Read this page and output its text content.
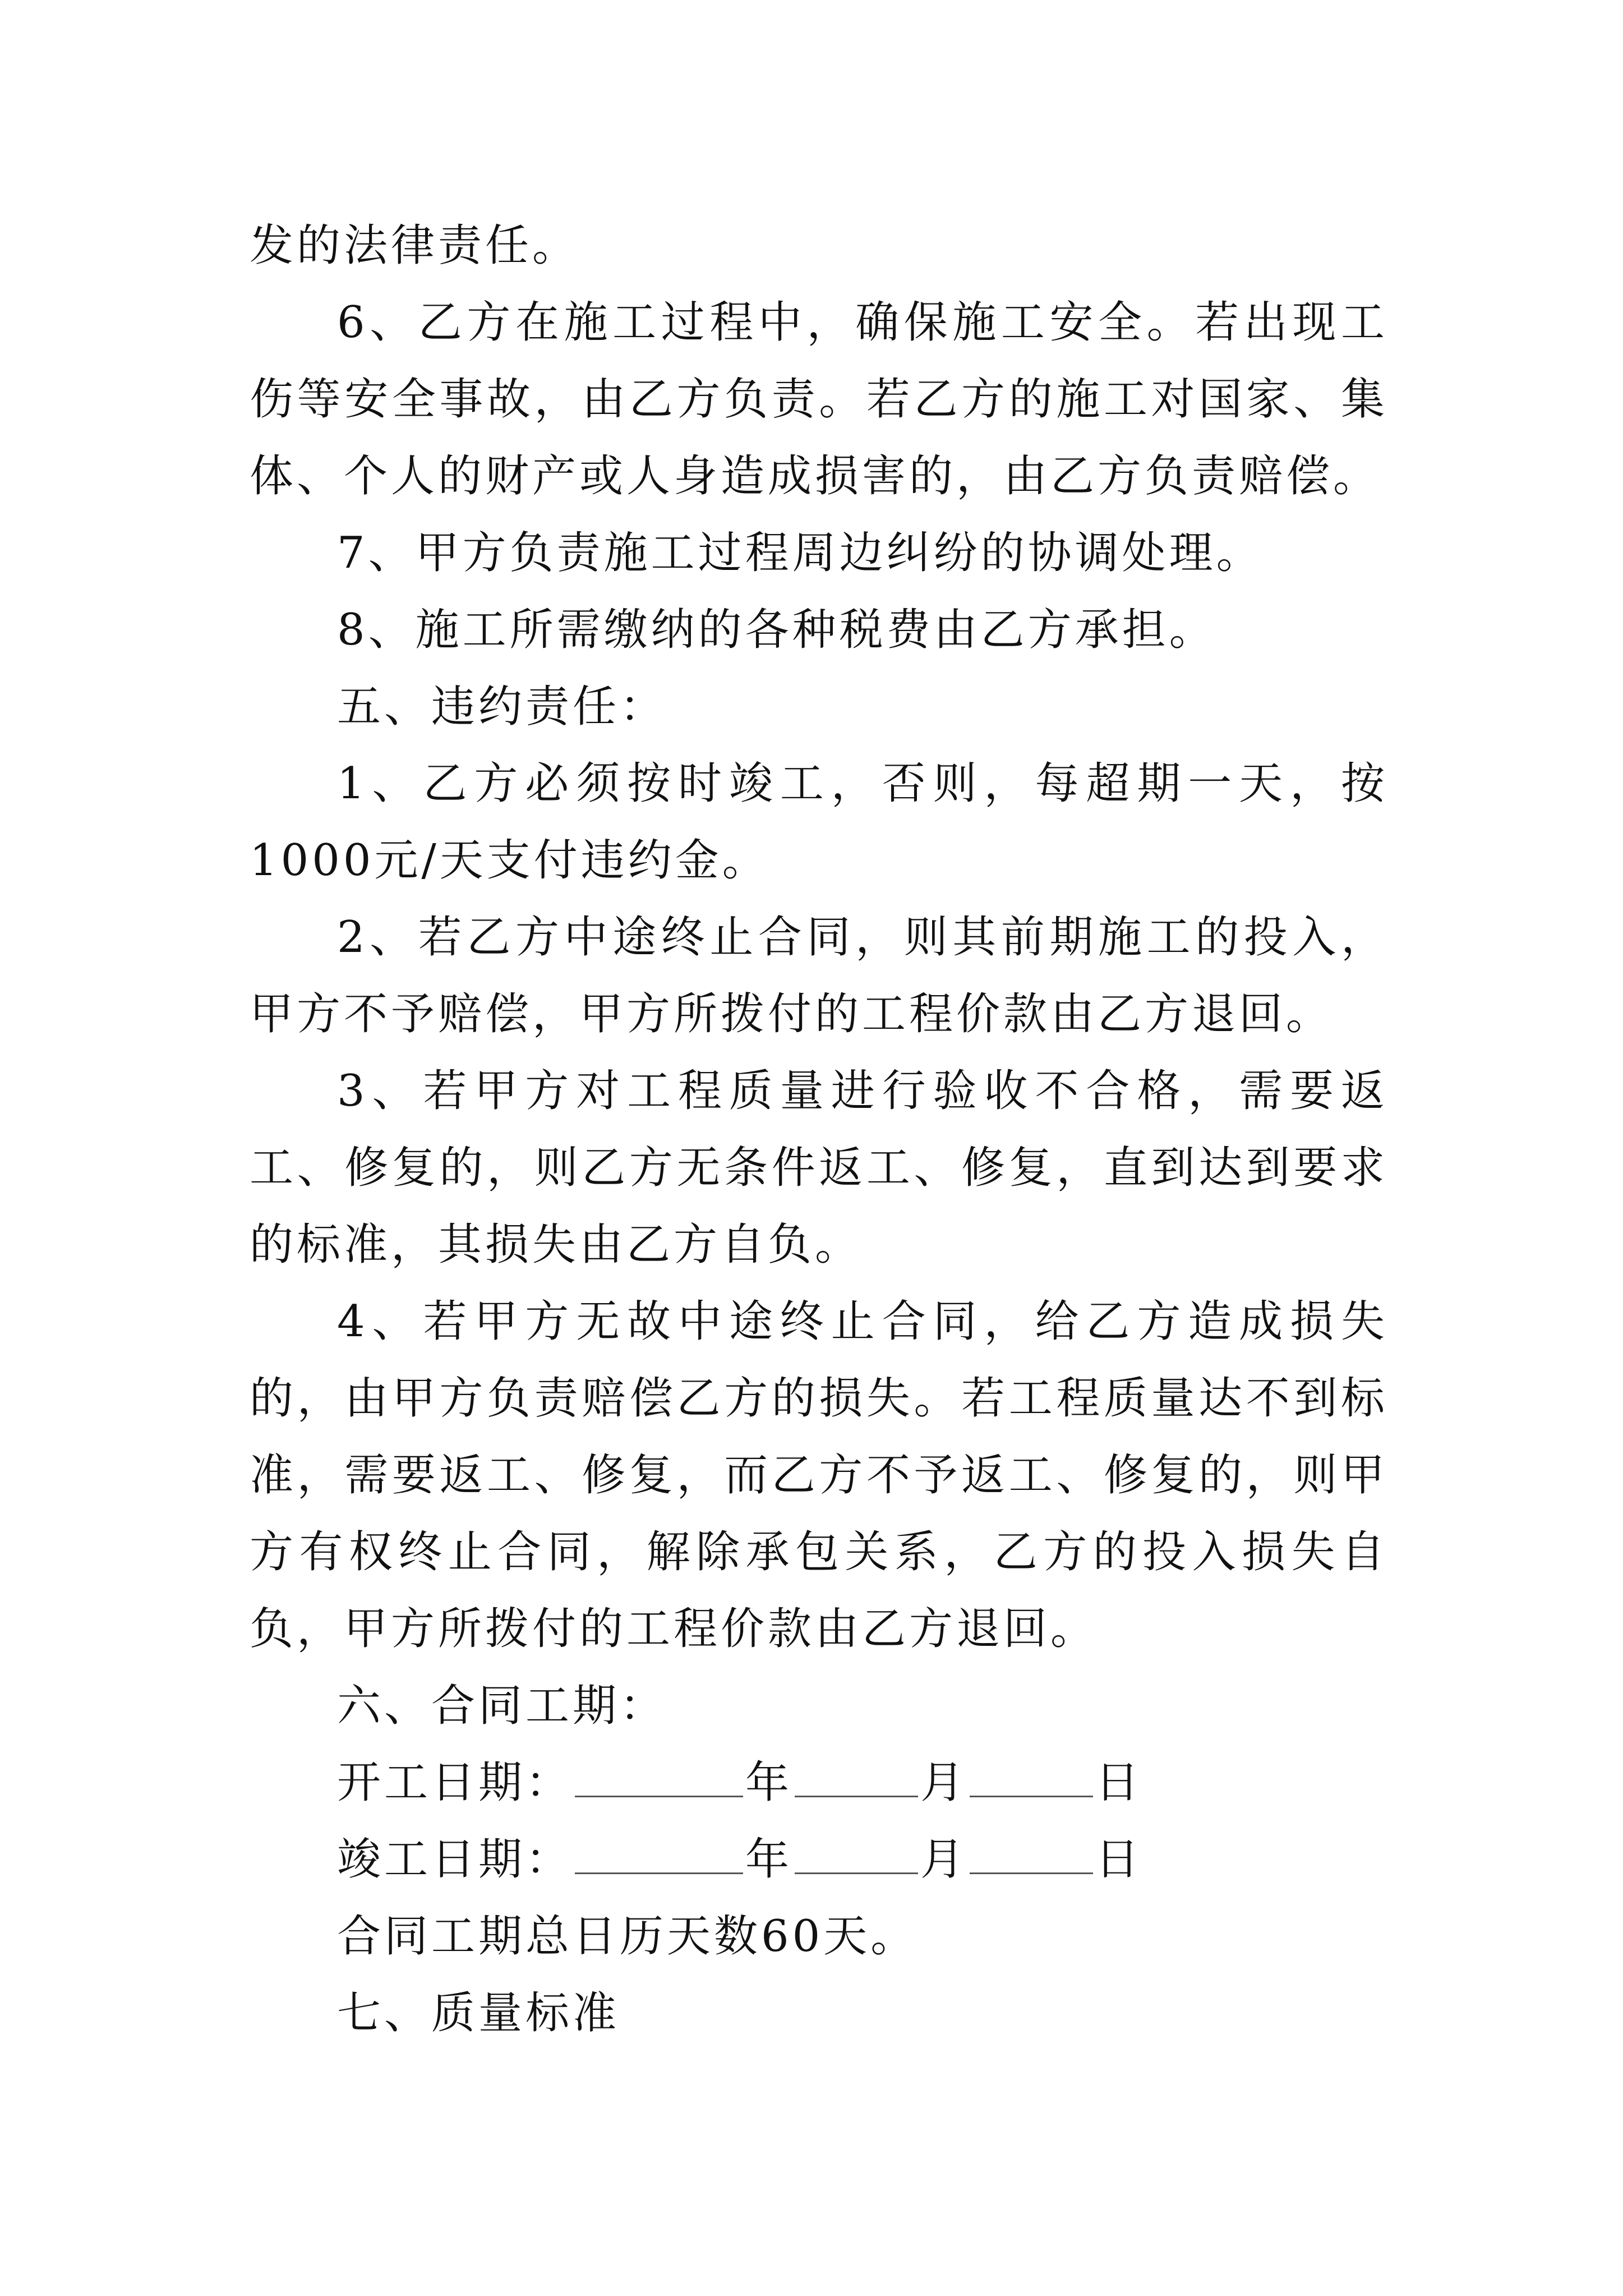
发的法律责任。

6、乙方在施工过程中，确保施工安全。若出现工伤等安全事故，由乙方负责。若乙方的施工对国家、集体、个人的财产或人身造成损害的，由乙方负责赔偿。

7、甲方负责施工过程周边纠纷的协调处理。

8、施工所需缴纳的各种税费由乙方承担。

五、违约责任：

1、乙方必须按时竣工，否则，每超期一天，按1000元/天支付违约金。

2、若乙方中途终止合同，则其前期施工的投入，甲方不予赔偿，甲方所拨付的工程价款由乙方退回。

3、若甲方对工程质量进行验收不合格，需要返工、修复的，则乙方无条件返工、修复，直到达到要求的标准，其损失由乙方自负。

4、若甲方无故中途终止合同，给乙方造成损失的，由甲方负责赔偿乙方的损失。若工程质量达不到标准，需要返工、修复，而乙方不予返工、修复的，则甲方有权终止合同，解除承包关系，乙方的投入损失自负，甲方所拨付的工程价款由乙方退回。

六、合同工期：

开工日期：	年	月	日

竣工日期：	年	月	日

合同工期总日历天数60天。

七、质量标准
